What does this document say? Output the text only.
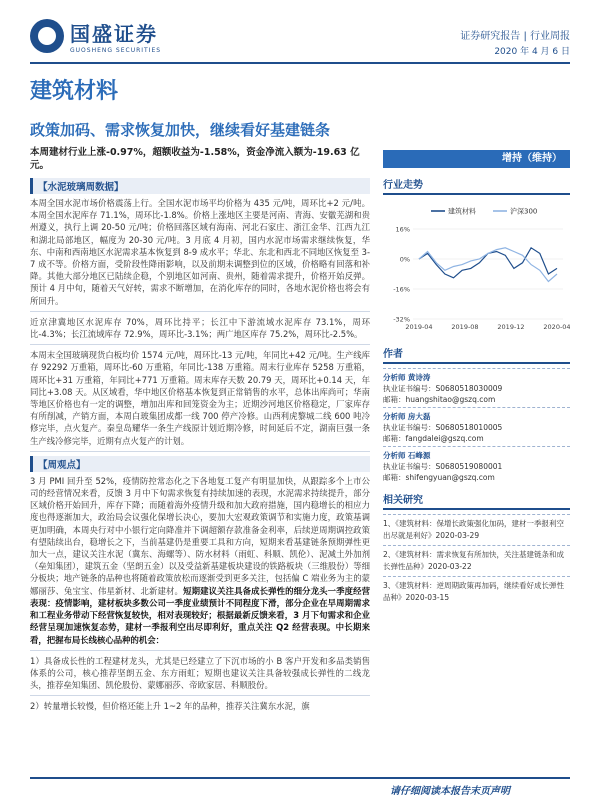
国盛证券
GUOSHENG SECURITIES
证券研究报告 | 行业周报
2020 年 4 月 6 日
建筑材料
政策加码、需求恢复加快，继续看好基建链条
本周建材行业上涨-0.97%，超额收益为-1.58%，资金净流入额为-19.63 亿元。
增持（维持）
【水泥玻璃周数据】
本周全国水泥市场价格震荡上行。全国水泥市场平均价格为 435 元/吨，周环比+2 元/吨。本周全国水泥库存 71.1%，周环比-1.8%。价格上涨地区主要是河南、青海、安徽芜湖和贵州遵义，执行上调 20-50 元/吨；价格回落区域有海南、河北石家庄、浙江金华、江西九江和湖北局部地区，幅度为 20-30 元/吨。3 月底 4 月初，国内水泥市场需求继续恢复，华东、中南和西南地区水泥需求基本恢复到 8-9 成水平；华北、东北和西北不同地区恢复至 3-7 成不等。价格方面，受阶段性降雨影响，以及前期未调整到位的区域，价格略有回落和补降。其他大部分地区已陆续企稳，个别地区如河南、贵州，随着需求提升，价格开始反弹。预计 4 月中旬，随着天气好转，需求不断增加，在消化库存的同时，各地水泥价格也将会有所回升。
近京津冀地区水泥库存 70%，周环比持平；长江中下游流域水泥库存 73.1%，周环比-4.3%；长江流域库存 72.9%，周环比-3.1%；两广地区库存 75.2%，周环比-2.5%。
本周末全国玻璃现货白板均价 1574 元/吨，周环比-13 元/吨，年同比+42 元/吨。生产线库存 92292 万重箱，周环比-60 万重箱，年同比-138 万重箱。周末行业库存 5258 万重箱，周环比+31 万重箱，年同比+771 万重箱。周末库存天数 20.79 天，周环比+0.14 天，年同比+3.08 天。从区域看，华中地区价格基本恢复到正常销售的水平，总体出库尚可；华南等地区价格也有一定的调整，增加出库和回笼资金为主；近期沙河地区价格稳定，厂家库存有所削减，产销方面，本周白玻集团成都一线 700 停产冷修。山西利虎黎城二线 600 吨冷修完毕，点火复产。秦皇岛耀华一条生产线原计划近期冷修，时间延后不定，湖南巨强一条生产线冷修完毕，近期有点火复产的计划。
【周观点】
3 月 PMI 回升至 52%，疫情防控常态化之下各地复工复产有明显加快，从跟踪多个上市公司的经营情况来看，反馈 3 月中下旬需求恢复有持续加速的表现，水泥需求持续提升，部分区域价格开始回升，库存下降；而随着海外疫情升级和加大政府措施，国内稳增长的相应力度也得逐渐加大，政治局会议强化保增长决心，要加大宏观政策调节和实施力度，政策基调更加明确，本周央行对中小银行定向降准并下调超额存款准备金利率，后续逆周期调控政策有望陆续出台，稳增长之下，当前基建仍是重要工具和方向，短期来看基建链条预期弹性更加大一点，建议关注水泥（冀东、海螺等）、防水材料（雨虹、科顺、凯伦）、泥减土外加剂（垒知集团），建筑五金（坚朗五金）以及受益新基建板块建设的铁路板块（三维股份）等细分板块；地产链条的品种也将随着政策放松而逐渐受到更多关注，包括偏 C 端业务为主的蒙娜丽莎、兔宝宝、伟星新材、北新建材。短期建议关注具备成长弹性的细分龙头一季度经营表现：疫情影响，建材板块多数公司一季度业绩预计不同程度下滑，部分企业在早周期需求和工程业务带动下经营恢复较快，相对表现较好；根据最新反馈来看，3 月下旬需求和企业经营呈现加速恢复态势，建材一季报利空出尽即利好，重点关注 Q2 经营表现。中长期来看，把握布局长线核心品种的机会：
1）具备成长性的工程建材龙头，尤其是已经建立了下沉市场的小 B 客户开发和多品类销售体系的公司，核心推荐坚朗五金、东方雨虹；短期也建议关注具备较强成长弹性的二线龙头，推荐垒知集团、凯伦股份、蒙娜丽莎、帝欧家居、科顺股份。
2）转量增长较慢，但价格还能上升 1~2 年的品种，推荐关注冀东水泥，旗
行业走势
16%
0%
-16%
-32%
2019-04	2019-08	2019-12	2020-04
建筑材料	沪深300
作者
分析师 黄诗涛
执业证书编号：S0680518030009
邮箱：huangshitao@gszq.com
分析师 房大磊
执业证书编号：S0680518010005
邮箱：fangdalei@gszq.com
分析师 石峰源
执业证书编号：S0680519080001
邮箱：shifengyuan@gszq.com
相关研究
1、《建筑材料：保增长政策强化加码，建材一季报利空出尽就是利好》2020-03-29
2、《建筑材料：需求恢复有所加快，关注基建链条和成长弹性品种》2020-03-22
3、《建筑材料：逆周期政策再加码，继续看好成长弹性品种》2020-03-15
请仔细阅读本报告末页声明
